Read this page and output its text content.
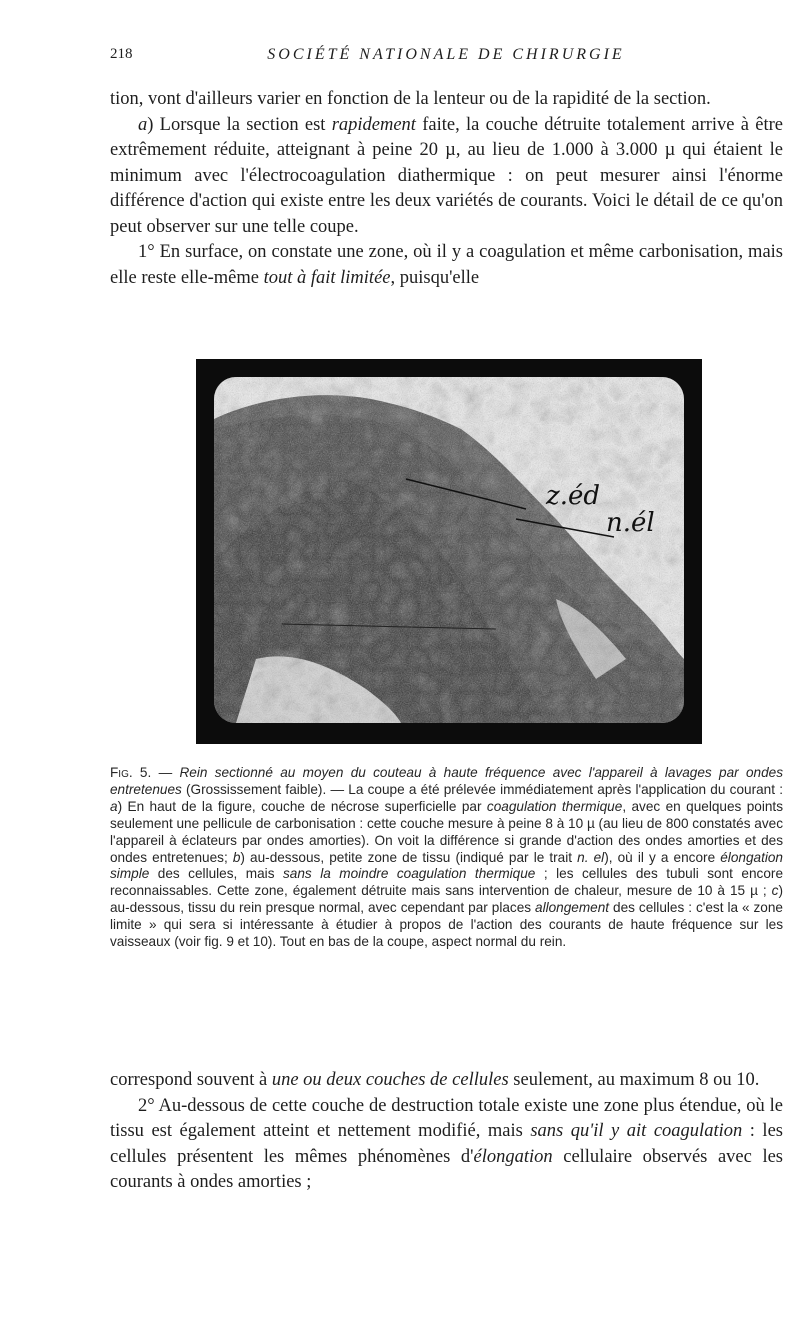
218	SOCIÉTÉ NATIONALE DE CHIRURGIE

tion, vont d'ailleurs varier en fonction de la lenteur ou de la rapidité de la section.

a) Lorsque la section est rapidement faite, la couche détruite totalement arrive à être extrêmement réduite, atteignant à peine 20 µ, au lieu de 1.000 à 3.000 µ qui étaient le minimum avec l'électrocoagulation diathermique : on peut mesurer ainsi l'énorme différence d'action qui existe entre les deux variétés de courants. Voici le détail de ce qu'on peut observer sur une telle coupe.

1° En surface, on constate une zone, où il y a coagulation et même carbonisation, mais elle reste elle-même tout à fait limitée, puisqu'elle

z.éd
n.él

Fig. 5. — Rein sectionné au moyen du couteau à haute fréquence avec l'appareil à lavages par ondes entretenues (Grossissement faible). — La coupe a été prélevée immédiatement après l'application du courant : a) En haut de la figure, couche de nécrose superficielle par coagulation thermique, avec en quelques points seulement une pellicule de carbonisation : cette couche mesure à peine 8 à 10 µ (au lieu de 800 constatés avec l'appareil à éclateurs par ondes amorties). On voit la différence si grande d'action des ondes amorties et des ondes entretenues; b) au-dessous, petite zone de tissu (indiqué par le trait n. el), où il y a encore élongation simple des cellules, mais sans la moindre coagulation thermique ; les cellules des tubuli sont encore reconnaissables. Cette zone, également détruite mais sans intervention de chaleur, mesure de 10 à 15 µ ; c) au-dessous, tissu du rein presque normal, avec cependant par places allongement des cellules : c'est la « zone limite » qui sera si intéressante à étudier à propos de l'action des courants de haute fréquence sur les vaisseaux (voir fig. 9 et 10). Tout en bas de la coupe, aspect normal du rein.

correspond souvent à une ou deux couches de cellules seulement, au maximum 8 ou 10.

2° Au-dessous de cette couche de destruction totale existe une zone plus étendue, où le tissu est également atteint et nettement modifié, mais sans qu'il y ait coagulation : les cellules présentent les mêmes phénomènes d'élongation cellulaire observés avec les courants à ondes amorties ;
